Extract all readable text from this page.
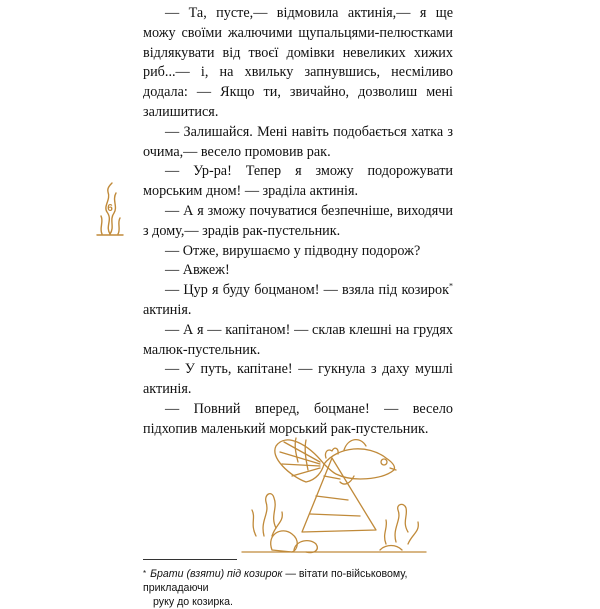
— Та, пусте,— відмовила актинія,— я ще можу своїми жалючими щупальцями-пелюстками відлякувати від твоєї домівки невеликих хижих риб...— і, на хвильку запнувшись, несміливо додала: — Якщо ти, звичайно, дозволиш мені залишитися.

— Залишайся. Мені навіть подобається хатка з очима,— весело промовив рак.

— Ур-ра! Тепер я зможу подорожувати морським дном! — зраділа актинія.

— А я зможу почуватися безпечніше, виходячи з дому,— зрадів рак-пустельник.

— Отже, вирушаємо у підводну подорож?

— Авжеж!

— Цур я буду боцманом! — взяла під козирок* актинія.

— А я — капітаном! — склав клешні на грудях малюк-пустельник.

— У путь, капітане! — гукнула з даху мушлі актинія.

— Повний вперед, боцмане! — весело підхопив маленький морський рак-пустельник.

6
* Брати (взяти) під козирок — вітати по-військовому, прикладаючи
руку до козирка.
